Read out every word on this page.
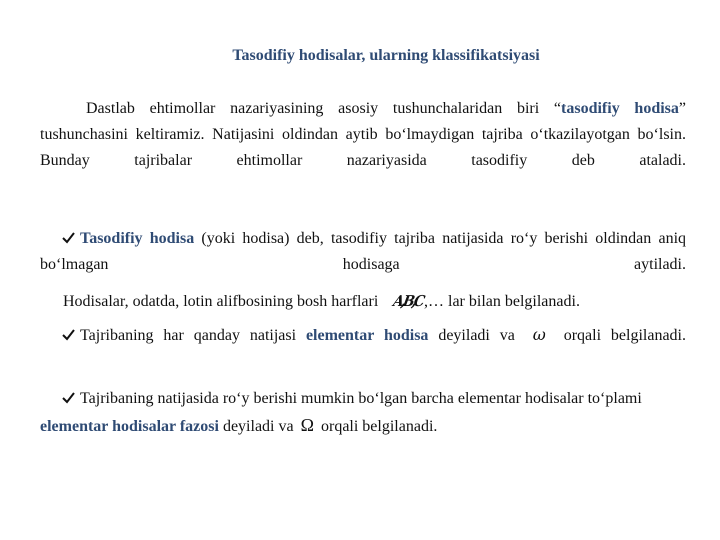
Tasodifiy hodisalar, ularning klassifikatsiyasi
Dastlab ehtimollar nazariyasining asosiy tushunchalaridan biri “tasodifiy hodisa” tushunchasini keltiramiz. Natijasini oldindan aytib bo‘lmaydigan tajriba o‘tkazilayotgan bo‘lsin. Bunday tajribalar ehtimollar nazariyasida tasodifiy deb ataladi.
Tasodifiy hodisa (yoki hodisa) deb, tasodifiy tajriba natijasida ro‘y berishi oldindan aniq bo‘lmagan hodisaga aytiladi.
Hodisalar, odatda, lotin alifbosining bosh harflari A,B,C,… lar bilan belgilanadi.
Tajribaning har qanday natijasi elementar hodisa deyiladi va ω orqali belgilanadi.
Tajribaning natijasida ro‘y berishi mumkin bo‘lgan barcha elementar hodisalar to‘plami elementar hodisalar fazosi deyiladi va Ω orqali belgilanadi.
